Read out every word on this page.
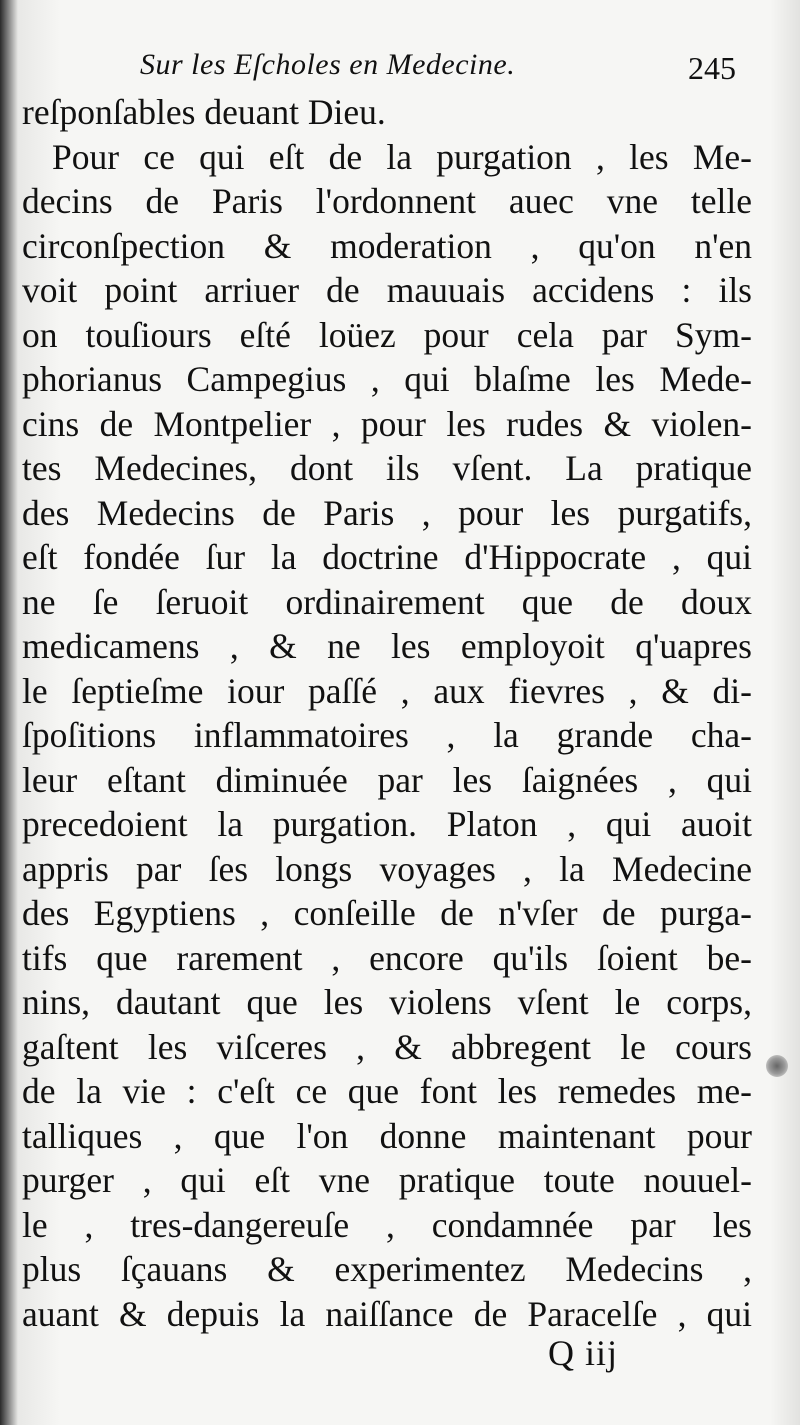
Sur les Eſcholes en Medecine.	245
reſponſables deuant Dieu.
Pour ce qui eſt de la purgation , les Me-
decins de Paris l'ordonnent auec vne telle
circonſpection & moderation , qu'on n'en
voit point arriuer de mauuais accidens : ils
on touſiours eſté loüez pour cela par Sym-
phorianus Campegius , qui blaſme les Mede-
cins de Montpelier , pour les rudes & violen-
tes Medecines, dont ils vſent. La pratique
des Medecins de Paris , pour les purgatifs,
eſt fondée ſur la doctrine d'Hippocrate , qui
ne ſe ſeruoit ordinairement que de doux
medicamens , & ne les employoit q'uapres
le ſeptieſme iour paſſé , aux fievres , & di-
ſpoſitions inflammatoires , la grande cha-
leur eſtant diminuée par les ſaignées , qui
precedoient la purgation. Platon , qui auoit
appris par ſes longs voyages , la Medecine
des Egyptiens , conſeille de n'vſer de purga-
tifs que rarement , encore qu'ils ſoient be-
nins, dautant que les violens vſent le corps,
gaſtent les viſceres , & abbregent le cours
de la vie : c'eſt ce que font les remedes me-
talliques , que l'on donne maintenant pour
purger , qui eſt vne pratique toute nouuel-
le , tres-dangereuſe , condamnée par les
plus ſçauans & experimentez Medecins ,
auant & depuis la naiſſance de Paracelſe , qui
Q iij
